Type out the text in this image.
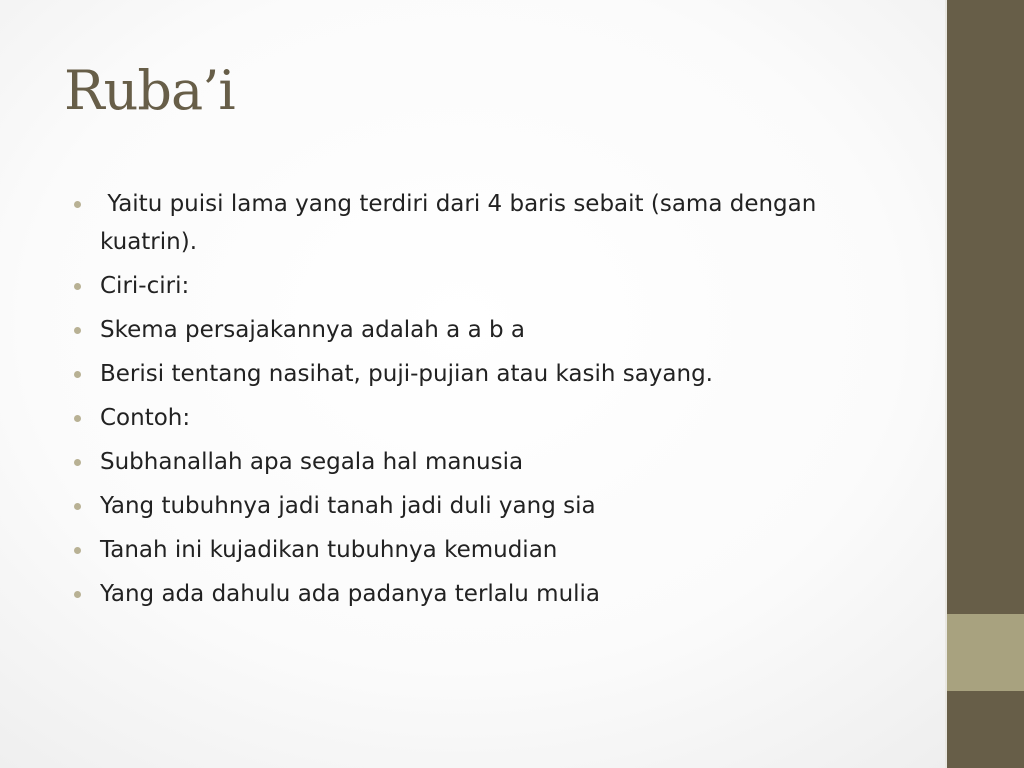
Ruba’i
Yaitu puisi lama yang terdiri dari 4 baris sebait (sama dengan kuatrin).
Ciri-ciri:
Skema persajakannya adalah a a b a
Berisi tentang nasihat, puji-pujian atau kasih sayang.
Contoh:
Subhanallah apa segala hal manusia
Yang tubuhnya jadi tanah jadi duli yang sia
Tanah ini kujadikan tubuhnya kemudian
Yang ada dahulu ada padanya terlalu mulia
